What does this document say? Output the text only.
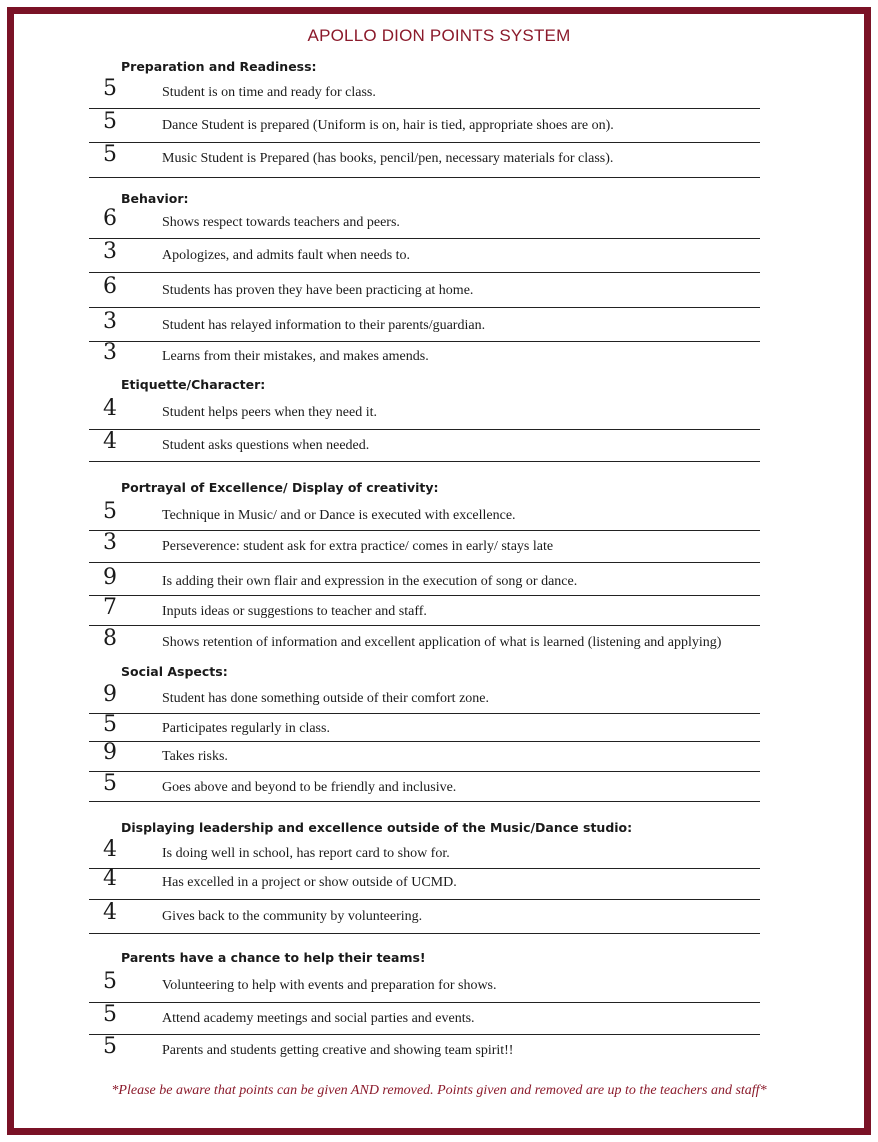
APOLLO DION POINTS SYSTEM
Preparation and Readiness:
5	Student is on time and ready for class.
5	Dance Student is prepared (Uniform is on, hair is tied, appropriate shoes are on).
5	Music Student is Prepared (has books, pencil/pen, necessary materials for class).
Behavior:
6	Shows respect towards teachers and peers.
3	Apologizes, and admits fault when needs to.
6	Students has proven they have been practicing at home.
3	Student has relayed information to their parents/guardian.
3	Learns from their mistakes, and makes amends.
Etiquette/Character:
4	Student helps peers when they need it.
4	Student asks questions when needed.
Portrayal of Excellence/ Display of creativity:
5	Technique in Music/ and or Dance is executed with excellence.
3	Perseverence: student ask for extra practice/ comes in early/ stays late
9	Is adding their own flair and expression in the execution of song or dance.
7	Inputs ideas or suggestions to teacher and staff.
8	Shows retention of information and excellent application of what is learned (listening and applying)
Social Aspects:
9	Student has done something outside of their comfort zone.
5	Participates regularly in class.
9	Takes risks.
5	Goes above and beyond to be friendly and inclusive.
Displaying leadership and excellence outside of the Music/Dance studio:
4	Is doing well in school, has report card to show for.
4	Has excelled in a project or show outside of UCMD.
4	Gives back to the community by volunteering.
Parents have a chance to help their teams!
5	Volunteering to help with events and preparation for shows.
5	Attend academy meetings and social parties and events.
5	Parents and students getting creative and showing team spirit!!
*Please be aware that points can be given AND removed. Points given and removed are up to the teachers and staff*
